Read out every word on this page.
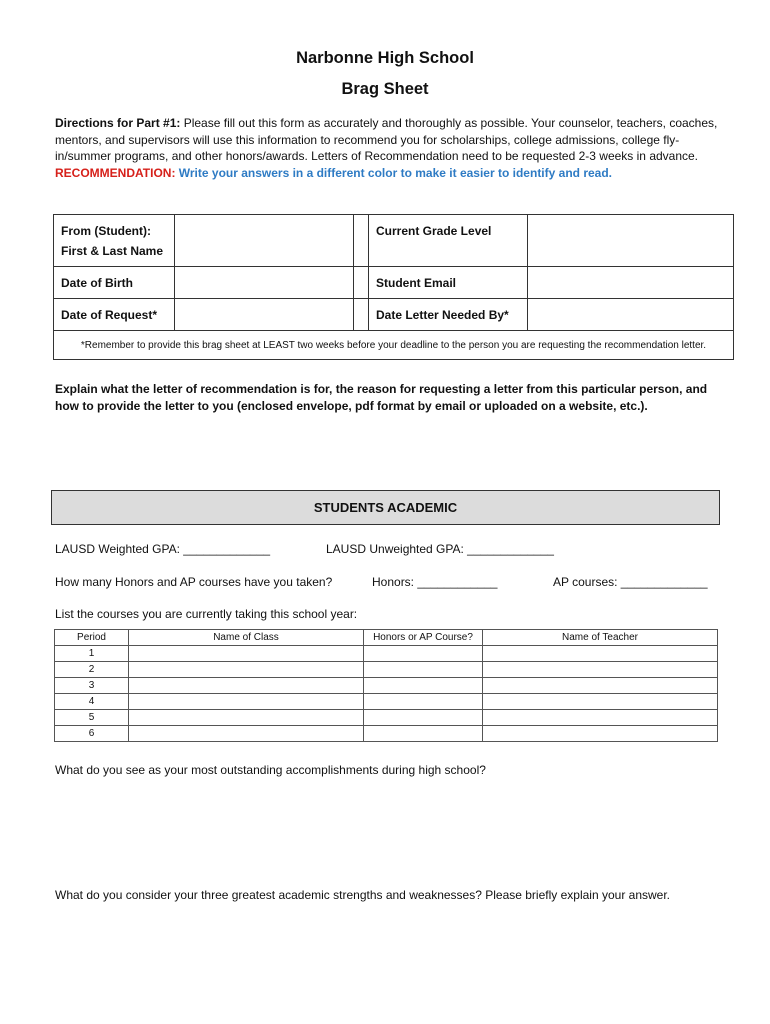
Narbonne High School
Brag Sheet
Directions for Part #1: Please fill out this form as accurately and thoroughly as possible. Your counselor, teachers, coaches, mentors, and supervisors will use this information to recommend you for scholarships, college admissions, college fly-in/summer programs, and other honors/awards. Letters of Recommendation need to be requested 2-3 weeks in advance.
RECOMMENDATION: Write your answers in a different color to make it easier to identify and read.
From (Student):
First & Last Name			Current Grade Level	
Date of Birth			Student Email	
Date of Request*			Date Letter Needed By*	
*Remember to provide this brag sheet at LEAST two weeks before your deadline to the person you are requesting the recommendation letter.				
Explain what the letter of recommendation is for, the reason for requesting a letter from this particular person, and how to provide the letter to you (enclosed envelope, pdf format by email or uploaded on a website, etc.).
STUDENTS ACADEMIC
LAUSD Weighted GPA: _____________	LAUSD Unweighted GPA: _____________
How many Honors and AP courses have you taken?	Honors: ____________	AP courses: _____________
List the courses you are currently taking this school year:
Period	Name of Class	Honors or AP Course?	Name of Teacher
1			
2			
3			
4			
5			
6			
What do you see as your most outstanding accomplishments during high school?
What do you consider your three greatest academic strengths and weaknesses? Please briefly explain your answer.
